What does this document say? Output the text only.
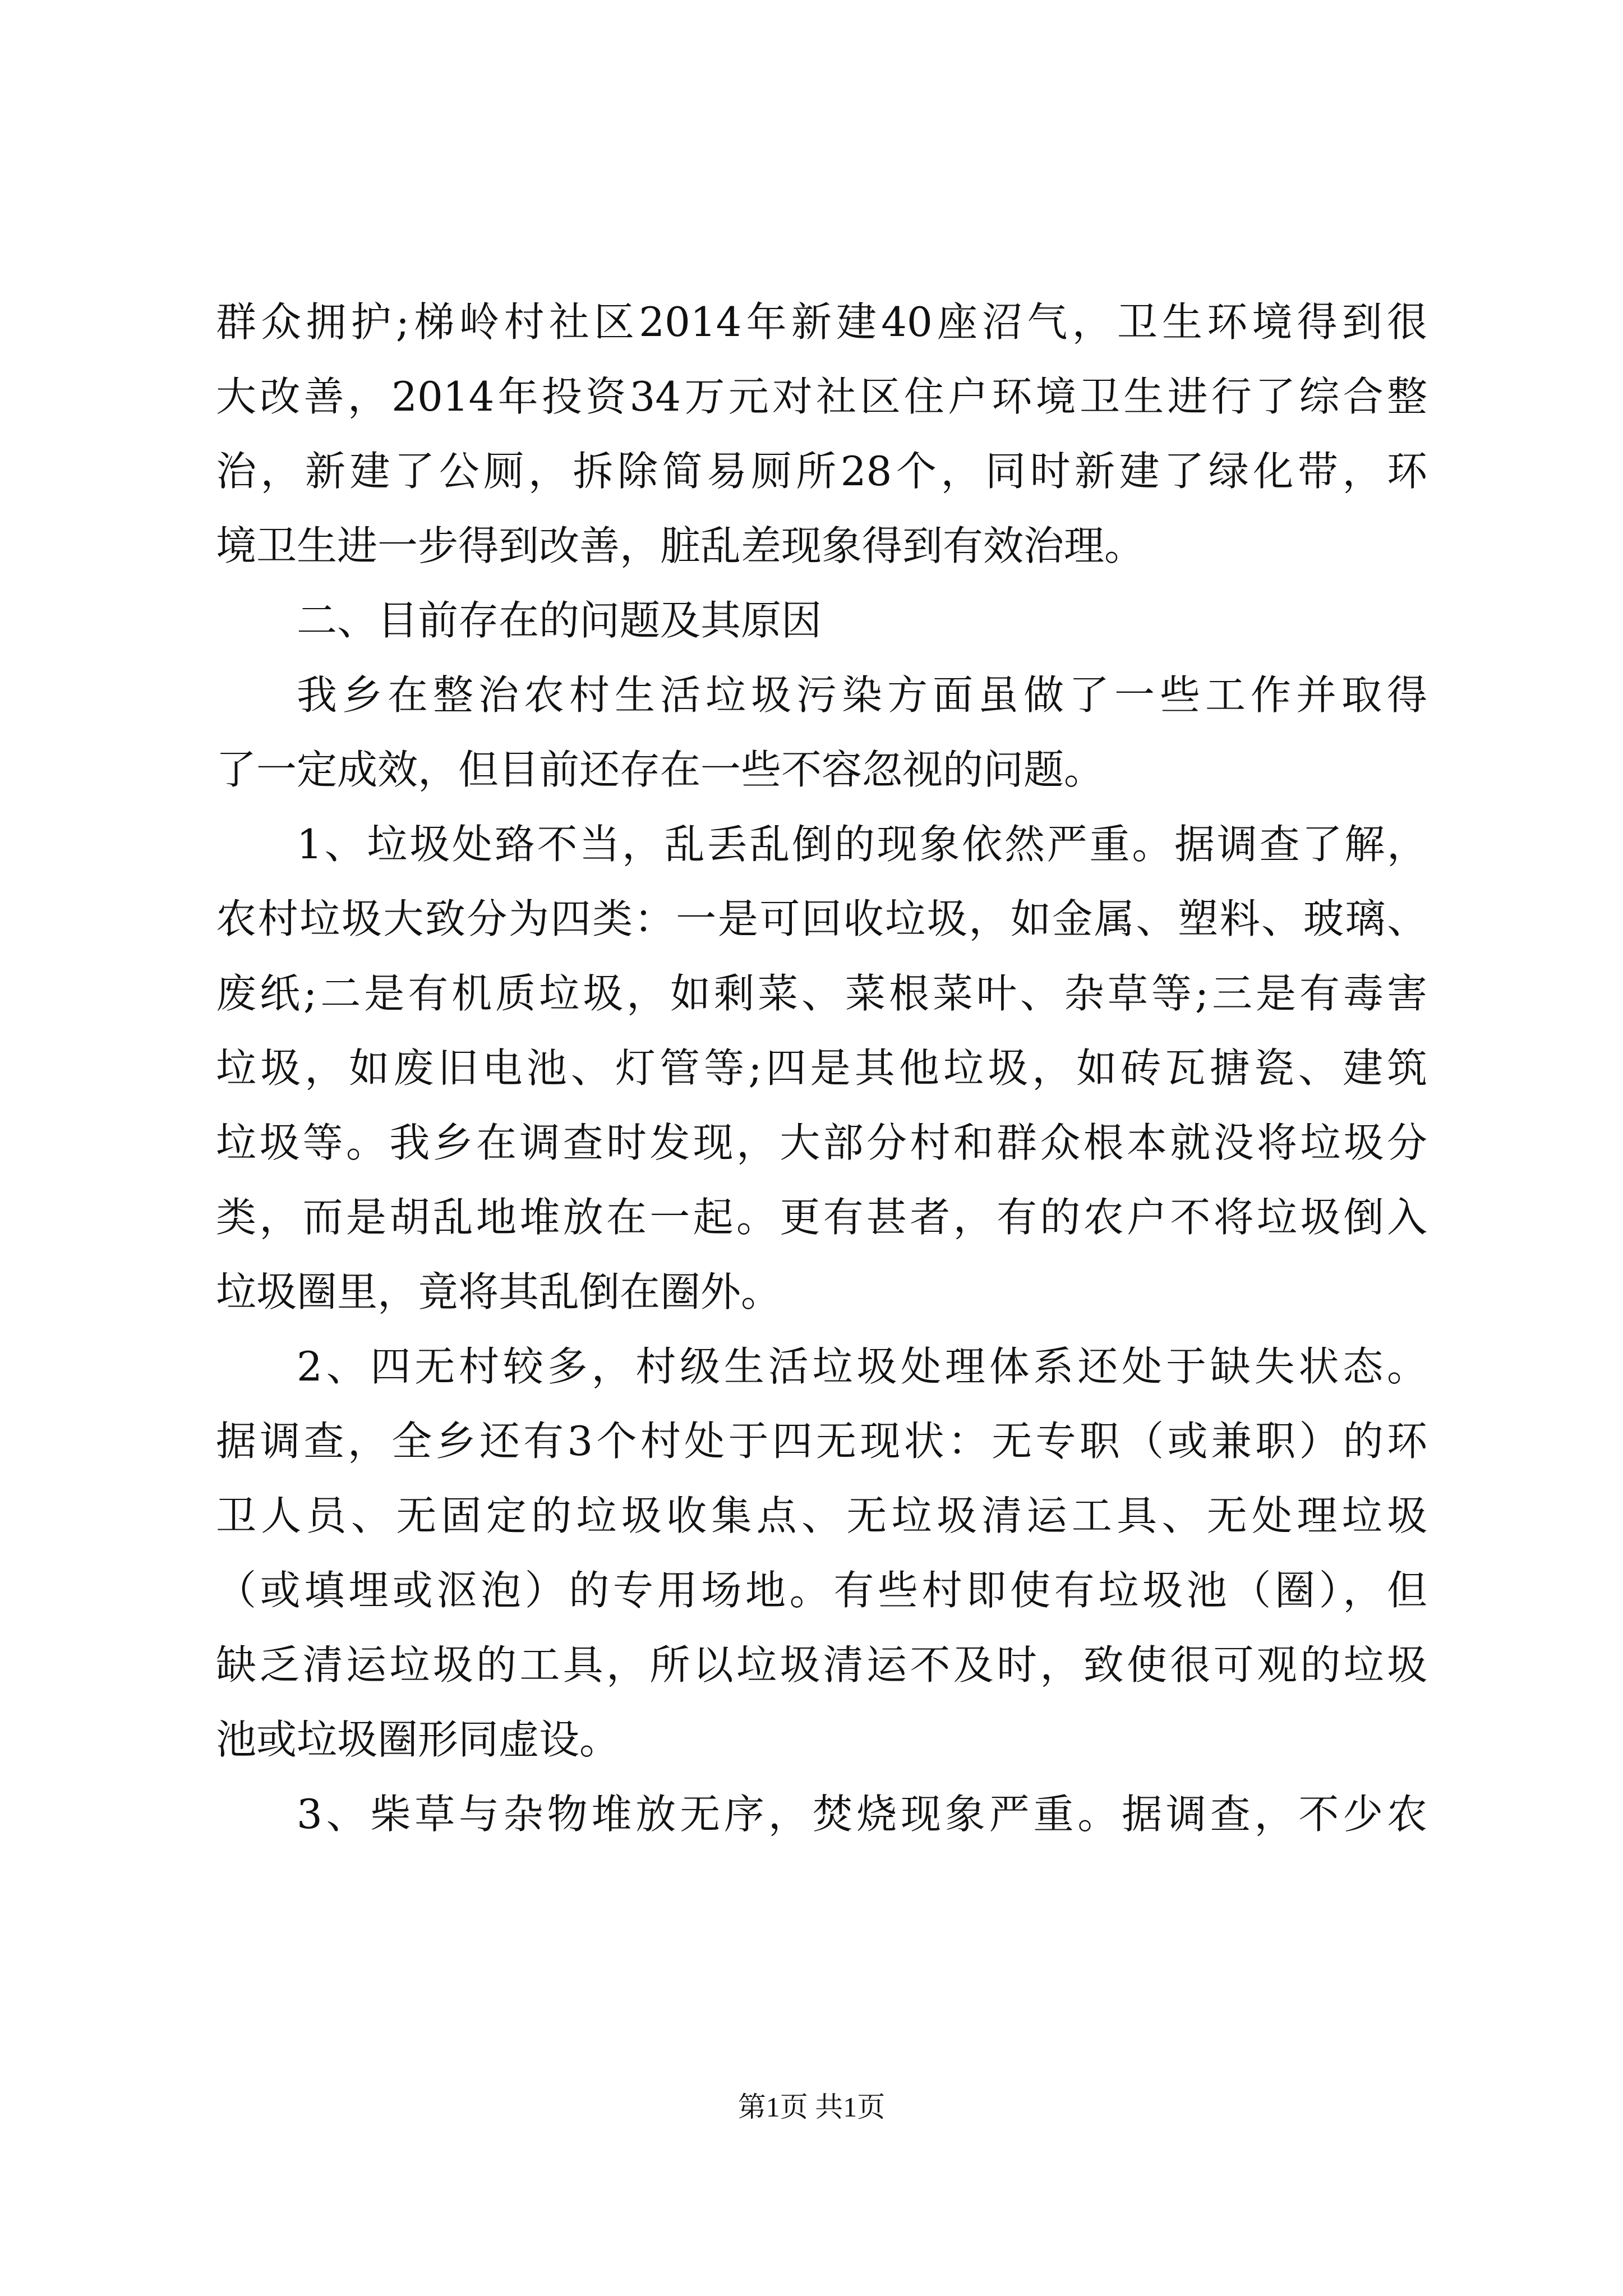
群众拥护;梯岭村社区2014年新建40座沼气，卫生环境得到很
大改善，2014年投资34万元对社区住户环境卫生进行了综合整
治，新建了公厕，拆除简易厕所28个，同时新建了绿化带，环
境卫生进一步得到改善，脏乱差现象得到有效治理。
二、目前存在的问题及其原因
我乡在整治农村生活垃圾污染方面虽做了一些工作并取得
了一定成效，但目前还存在一些不容忽视的问题。
1、垃圾处臵不当，乱丢乱倒的现象依然严重。据调查了解，
农村垃圾大致分为四类：一是可回收垃圾，如金属、塑料、玻璃、
废纸;二是有机质垃圾，如剩菜、菜根菜叶、杂草等;三是有毒害
垃圾，如废旧电池、灯管等;四是其他垃圾，如砖瓦搪瓷、建筑
垃圾等。我乡在调查时发现，大部分村和群众根本就没将垃圾分
类，而是胡乱地堆放在一起。更有甚者，有的农户不将垃圾倒入
垃圾圈里，竟将其乱倒在圈外。
2、四无村较多，村级生活垃圾处理体系还处于缺失状态。
据调查，全乡还有3个村处于四无现状：无专职（或兼职）的环
卫人员、无固定的垃圾收集点、无垃圾清运工具、无处理垃圾
（或填埋或沤泡）的专用场地。有些村即使有垃圾池（圈），但
缺乏清运垃圾的工具，所以垃圾清运不及时，致使很可观的垃圾
池或垃圾圈形同虚设。
3、柴草与杂物堆放无序，焚烧现象严重。据调查，不少农
第1页 共1页
